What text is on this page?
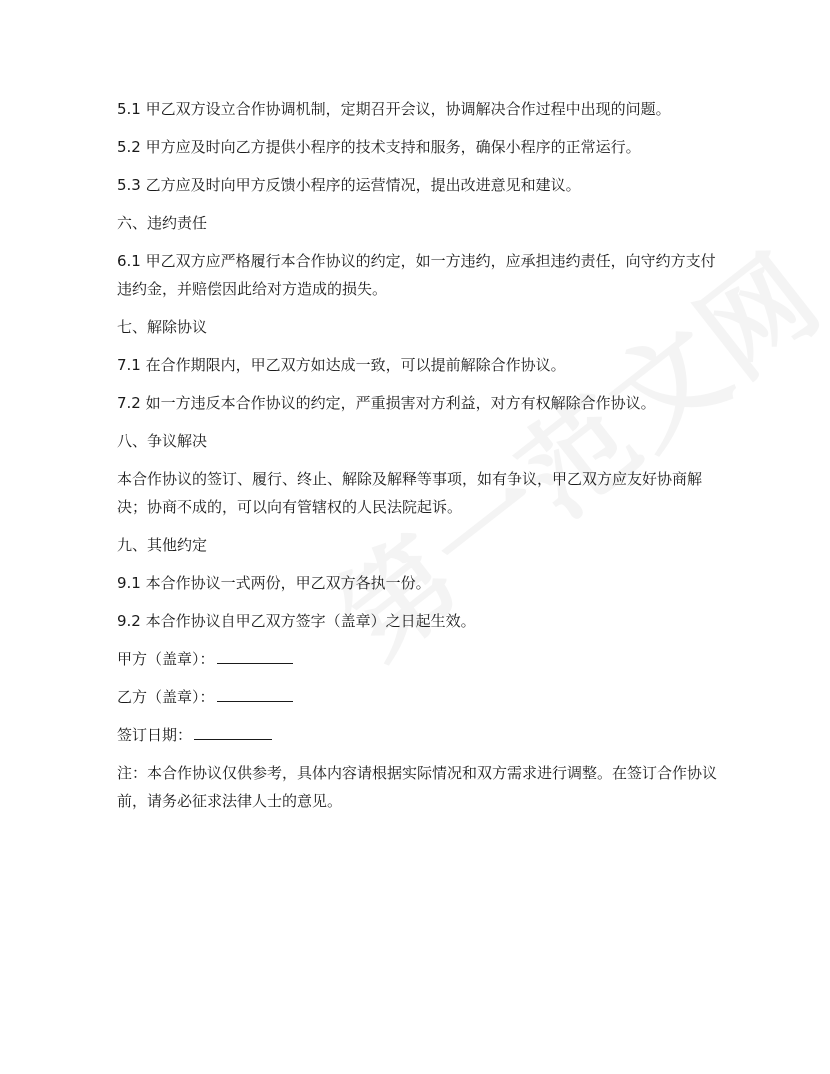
5.1 甲乙双方设立合作协调机制，定期召开会议，协调解决合作过程中出现的问题。

5.2 甲方应及时向乙方提供小程序的技术支持和服务，确保小程序的正常运行。

5.3 乙方应及时向甲方反馈小程序的运营情况，提出改进意见和建议。

六、违约责任

6.1 甲乙双方应严格履行本合作协议的约定，如一方违约，应承担违约责任，向守约方支付违约金，并赔偿因此给对方造成的损失。

七、解除协议

7.1 在合作期限内，甲乙双方如达成一致，可以提前解除合作协议。

7.2 如一方违反本合作协议的约定，严重损害对方利益，对方有权解除合作协议。

八、争议解决

本合作协议的签订、履行、终止、解除及解释等事项，如有争议，甲乙双方应友好协商解决；协商不成的，可以向有管辖权的人民法院起诉。

九、其他约定

9.1 本合作协议一式两份，甲乙双方各执一份。

9.2 本合作协议自甲乙双方签字（盖章）之日起生效。

甲方（盖章）：
乙方（盖章）：
签订日期：

注：本合作协议仅供参考，具体内容请根据实际情况和双方需求进行调整。在签订合作协议前，请务必征求法律人士的意见。
